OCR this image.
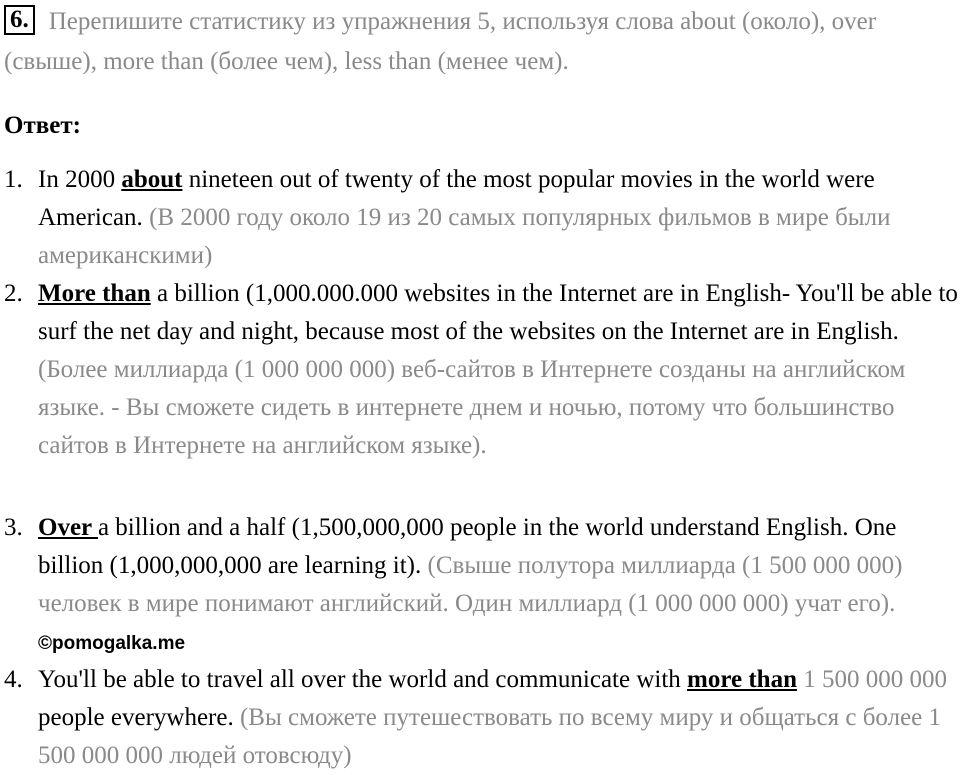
6. Перепишите статистику из упражнения 5, используя слова about (около), over (свыше), more than (более чем), less than (менее чем).
Ответ:
1. In 2000 about nineteen out of twenty of the most popular movies in the world were American. (В 2000 году около 19 из 20 самых популярных фильмов в мире были американскими)
2. More than a billion (1,000.000.000 websites in the Internet are in English- You'll be able to surf the net day and night, because most of the websites on the Internet are in English. (Более миллиарда (1 000 000 000) веб-сайтов в Интернете созданы на английском языке. - Вы сможете сидеть в интернете днем и ночью, потому что большинство сайтов в Интернете на английском языке).
3. Over a billion and a half (1,500,000,000 people in the world understand English. One billion (1,000,000,000 are learning it). (Свыше полутора миллиарда (1 500 000 000) человек в мире понимают английский. Один миллиард (1 000 000 000) учат его). ©pomogalka.me
4. You'll be able to travel all over the world and communicate with more than 1 500 000 000 people everywhere. (Вы сможете путешествовать по всему миру и общаться с более 1 500 000 000 людей отовсюду)
